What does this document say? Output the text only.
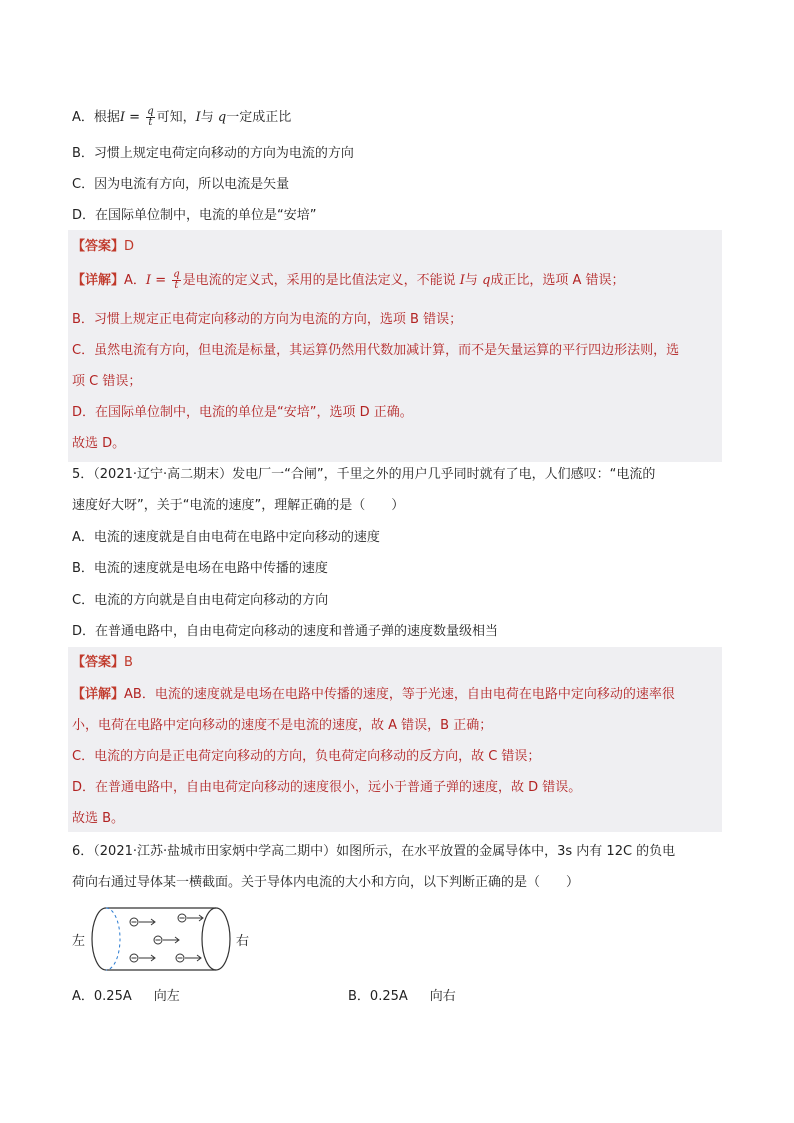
A．根据$I = \frac{q}{t}$ 可知，I与 q一定成正比
B．习惯上规定电荷定向移动的方向为电流的方向
C．因为电流有方向，所以电流是矢量
D．在国际单位制中，电流的单位是“安培”
【答案】D
【详解】A．$I = \frac{q}{t}$ 是电流的定义式，采用的是比值法定义，不能说 I与 q成正比，选项 A 错误；
B．习惯上规定正电荷定向移动的方向为电流的方向，选项 B 错误；
C．虽然电流有方向，但电流是标量，其运算仍然用代数加减计算，而不是矢量运算的平行四边形法则，选
项 C 错误；
D．在国际单位制中，电流的单位是“安培”，选项 D 正确。
故选 D。
5．（2021·辽宁·高二期末）发电厂一“合闸”，千里之外的用户几乎同时就有了电，人们感叹：“电流的
速度好大呀”，关于“电流的速度”，理解正确的是（　　）
A．电流的速度就是自由电荷在电路中定向移动的速度
B．电流的速度就是电场在电路中传播的速度
C．电流的方向就是自由电荷定向移动的方向
D．在普通电路中，自由电荷定向移动的速度和普通子弹的速度数量级相当
【答案】B
【详解】AB．电流的速度就是电场在电路中传播的速度，等于光速，自由电荷在电路中定向移动的速率很
小，电荷在电路中定向移动的速度不是电流的速度，故 A 错误，B 正确；
C．电流的方向是正电荷定向移动的方向，负电荷定向移动的反方向，故 C 错误；
D．在普通电路中，自由电荷定向移动的速度很小，远小于普通子弹的速度，故 D 错误。
故选 B。
6．（2021·江苏·盐城市田家炳中学高二期中）如图所示，在水平放置的金属导体中，3s 内有 12C 的负电
荷向右通过导体某一横截面。关于导体内电流的大小和方向，以下判断正确的是（　　）
左	右
A．0.25A 向左	B．0.25A 向右
